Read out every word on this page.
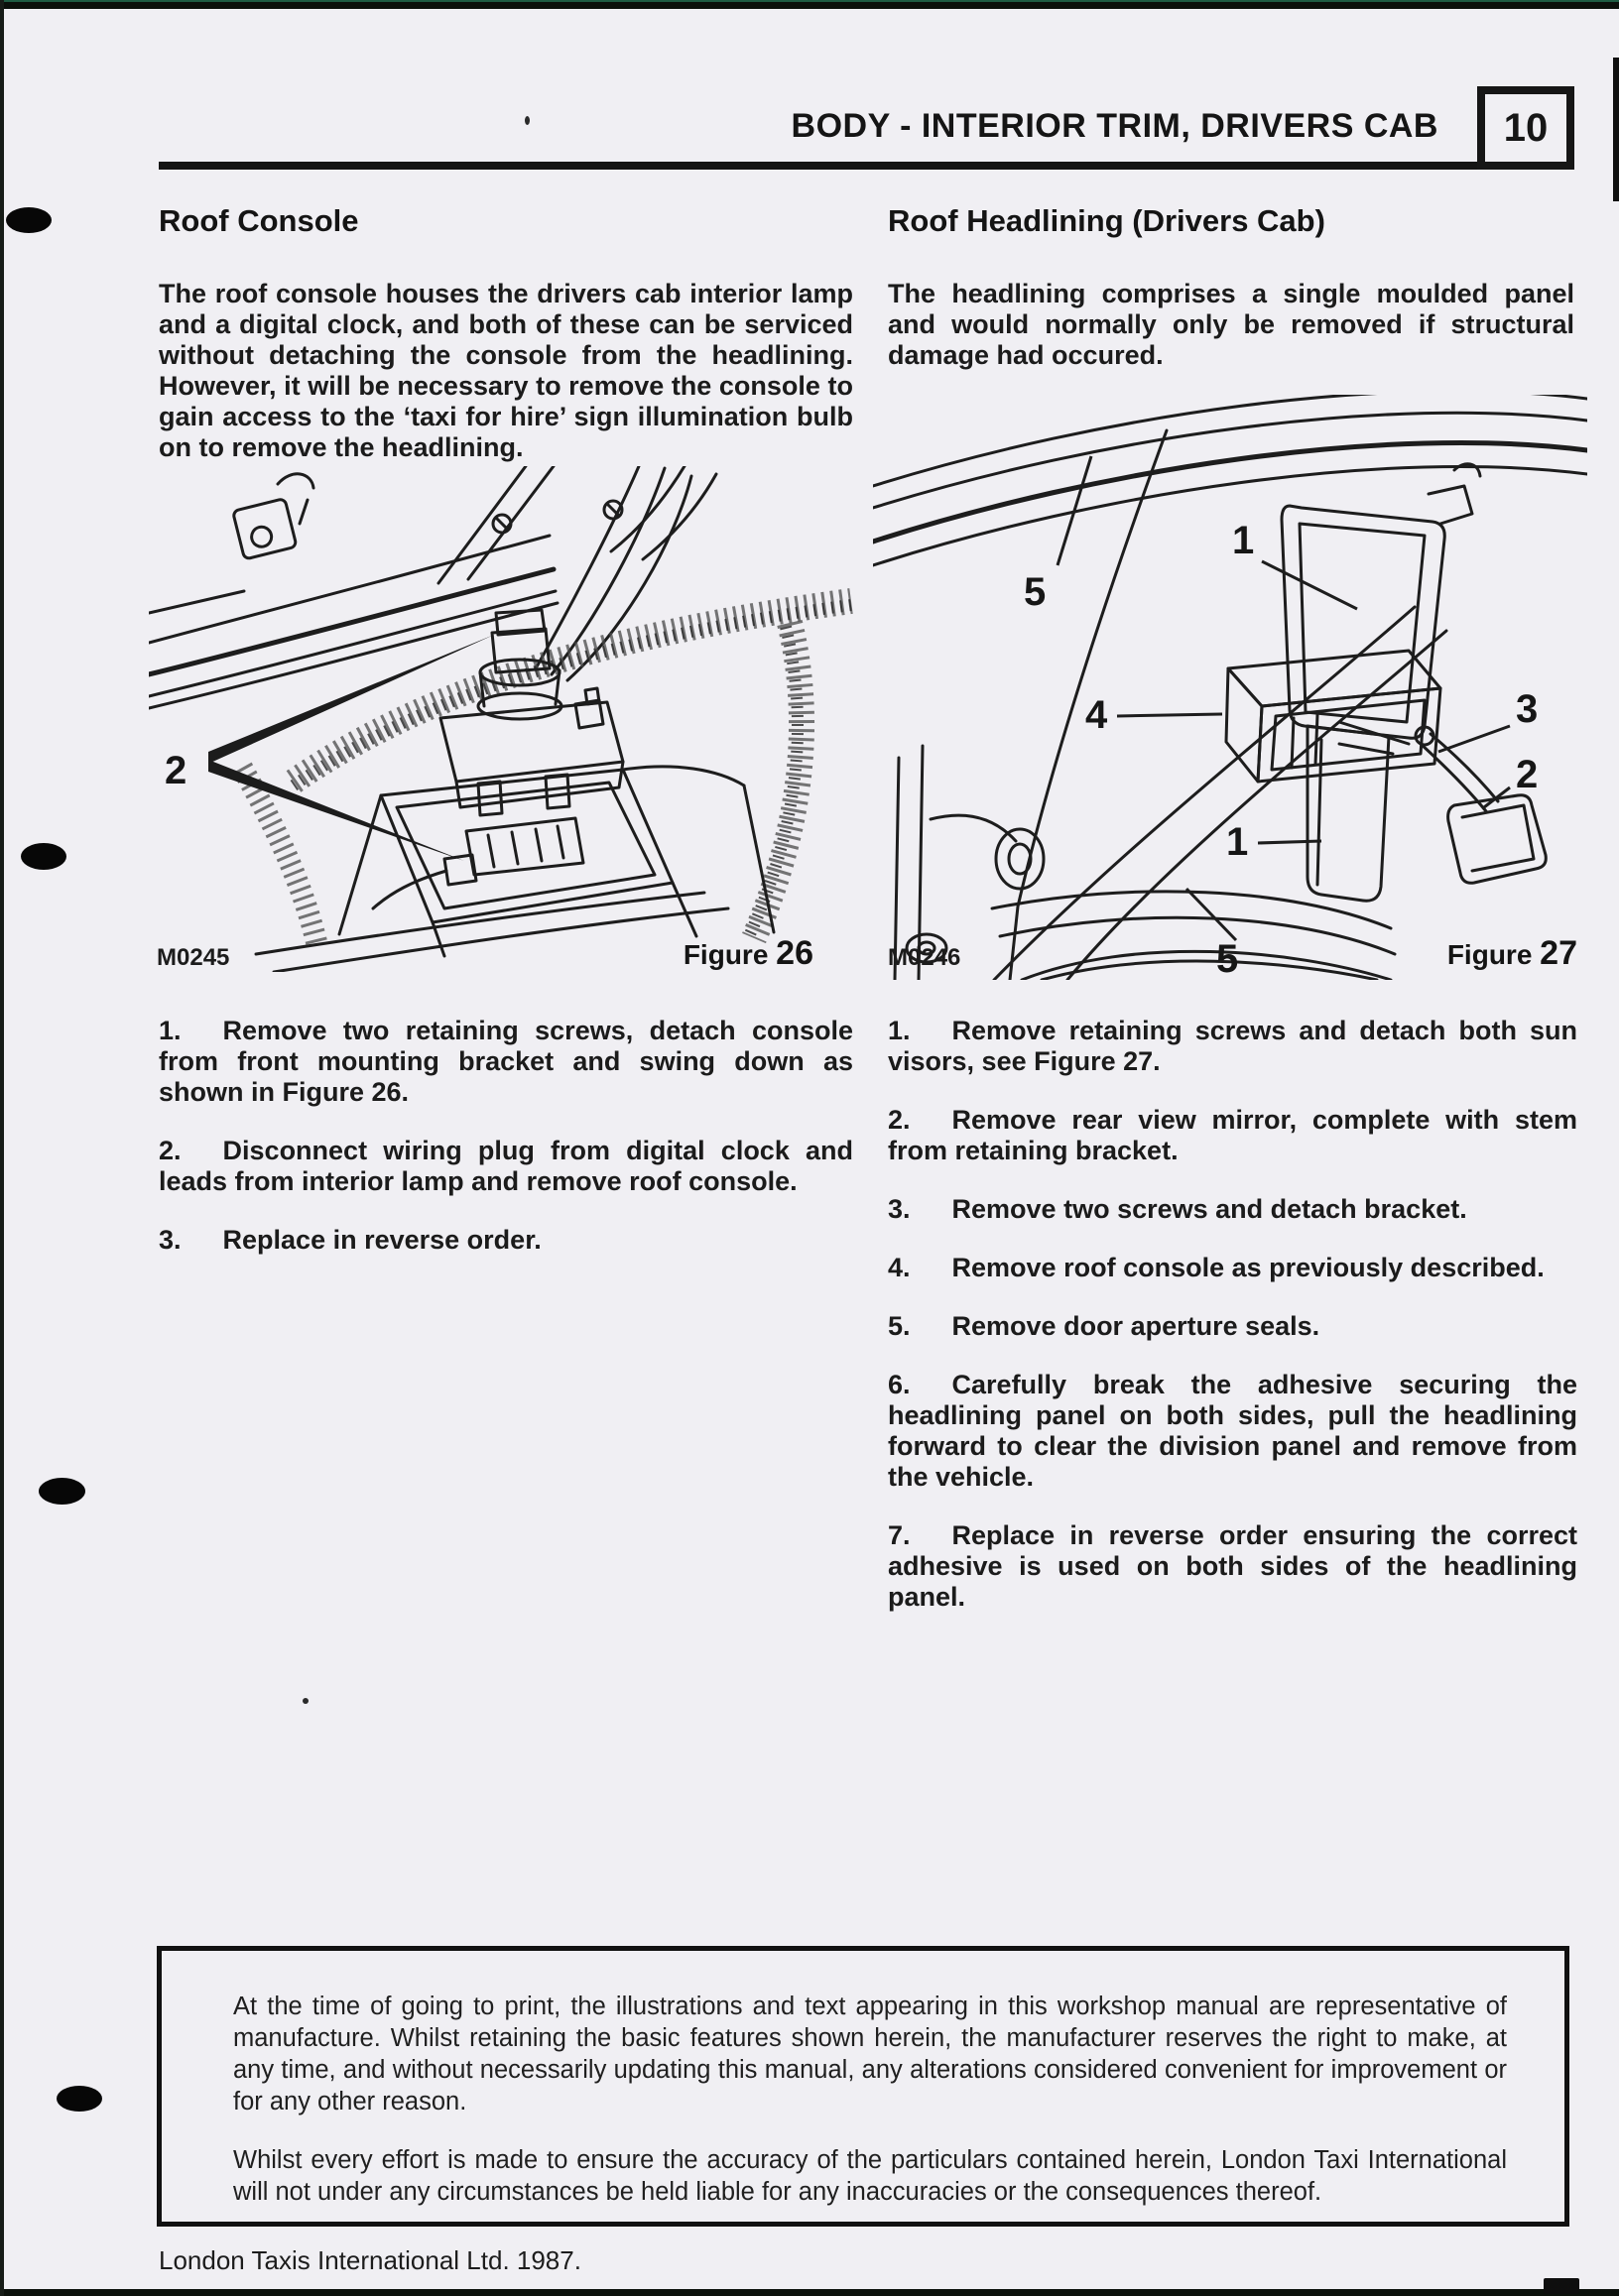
BODY - INTERIOR TRIM, DRIVERS CAB 10
Roof Console
The roof console houses the drivers cab interior lamp and a digital clock, and both of these can be serviced without detaching the console from the headlining. However, it will be necessary to remove the console to gain access to the ‘taxi for hire’ sign illumination bulb on to remove the headlining.
2
M0245	Figure 26

1. Remove two retaining screws, detach console from front mounting bracket and swing down as shown in Figure 26.

2. Disconnect wiring plug from digital clock and leads from interior lamp and remove roof console.

3. Replace in reverse order.

Roof Headlining (Drivers Cab)
The headlining comprises a single moulded panel and would normally only be removed if structural damage had occured.
5
1
4	3
2
1
5
M0246	Figure 27

1. Remove retaining screws and detach both sun visors, see Figure 27.

2. Remove rear view mirror, complete with stem from retaining bracket.

3. Remove two screws and detach bracket.

4. Remove roof console as previously described.

5. Remove door aperture seals.

6. Carefully break the adhesive securing the headlining panel on both sides, pull the headlining forward to clear the division panel and remove from the vehicle.

7. Replace in reverse order ensuring the correct adhesive is used on both sides of the headlining panel.

At the time of going to print, the illustrations and text appearing in this workshop manual are representative of manufacture. Whilst retaining the basic features shown herein, the manufacturer reserves the right to make, at any time, and without necessarily updating this manual, any alterations considered convenient for improvement or for any other reason.

Whilst every effort is made to ensure the accuracy of the particulars contained herein, London Taxi International will not under any circumstances be held liable for any inaccuracies or the consequences thereof.

London Taxis International Ltd. 1987.
